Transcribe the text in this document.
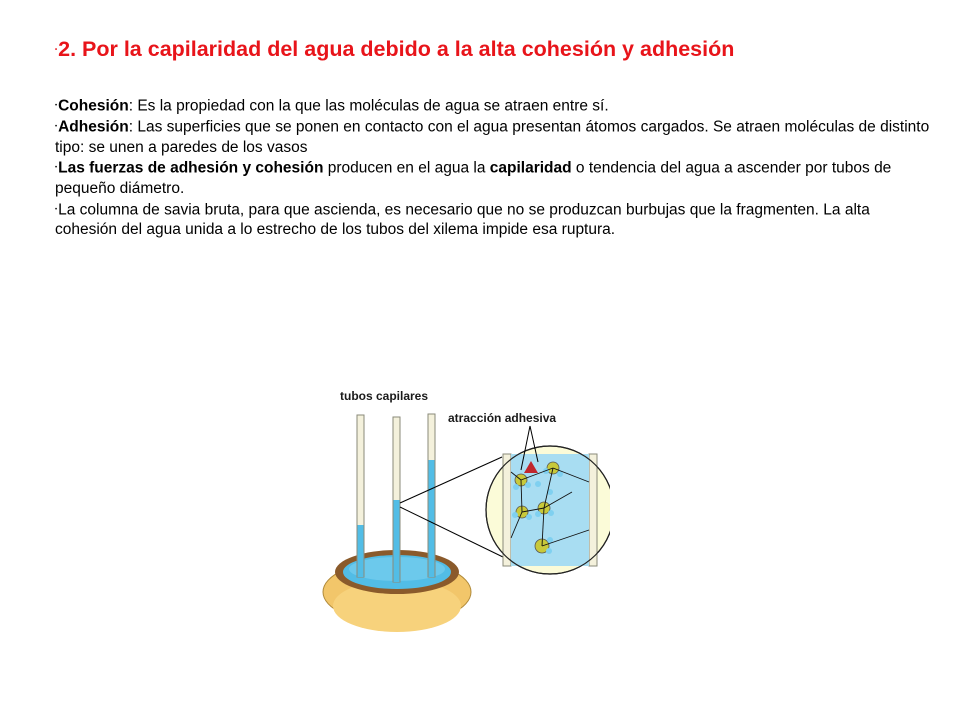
•2. Por la capilaridad del agua debido a la alta cohesión y adhesión

•Cohesión: Es la propiedad con la que las moléculas de agua se atraen entre sí.

•Adhesión: Las superficies que se ponen en contacto con el agua presentan átomos cargados. Se atraen moléculas de distinto tipo: se unen a paredes de los vasos

•Las fuerzas de adhesión y cohesión producen en el agua la capilaridad o tendencia del agua a ascender por tubos de pequeño diámetro.

•La columna de savia bruta, para que ascienda, es necesario que no se produzcan burbujas que la fragmenten. La alta cohesión del agua unida a lo estrecho de los tubos del xilema impide esa ruptura.

tubos capilares
atracción adhesiva
